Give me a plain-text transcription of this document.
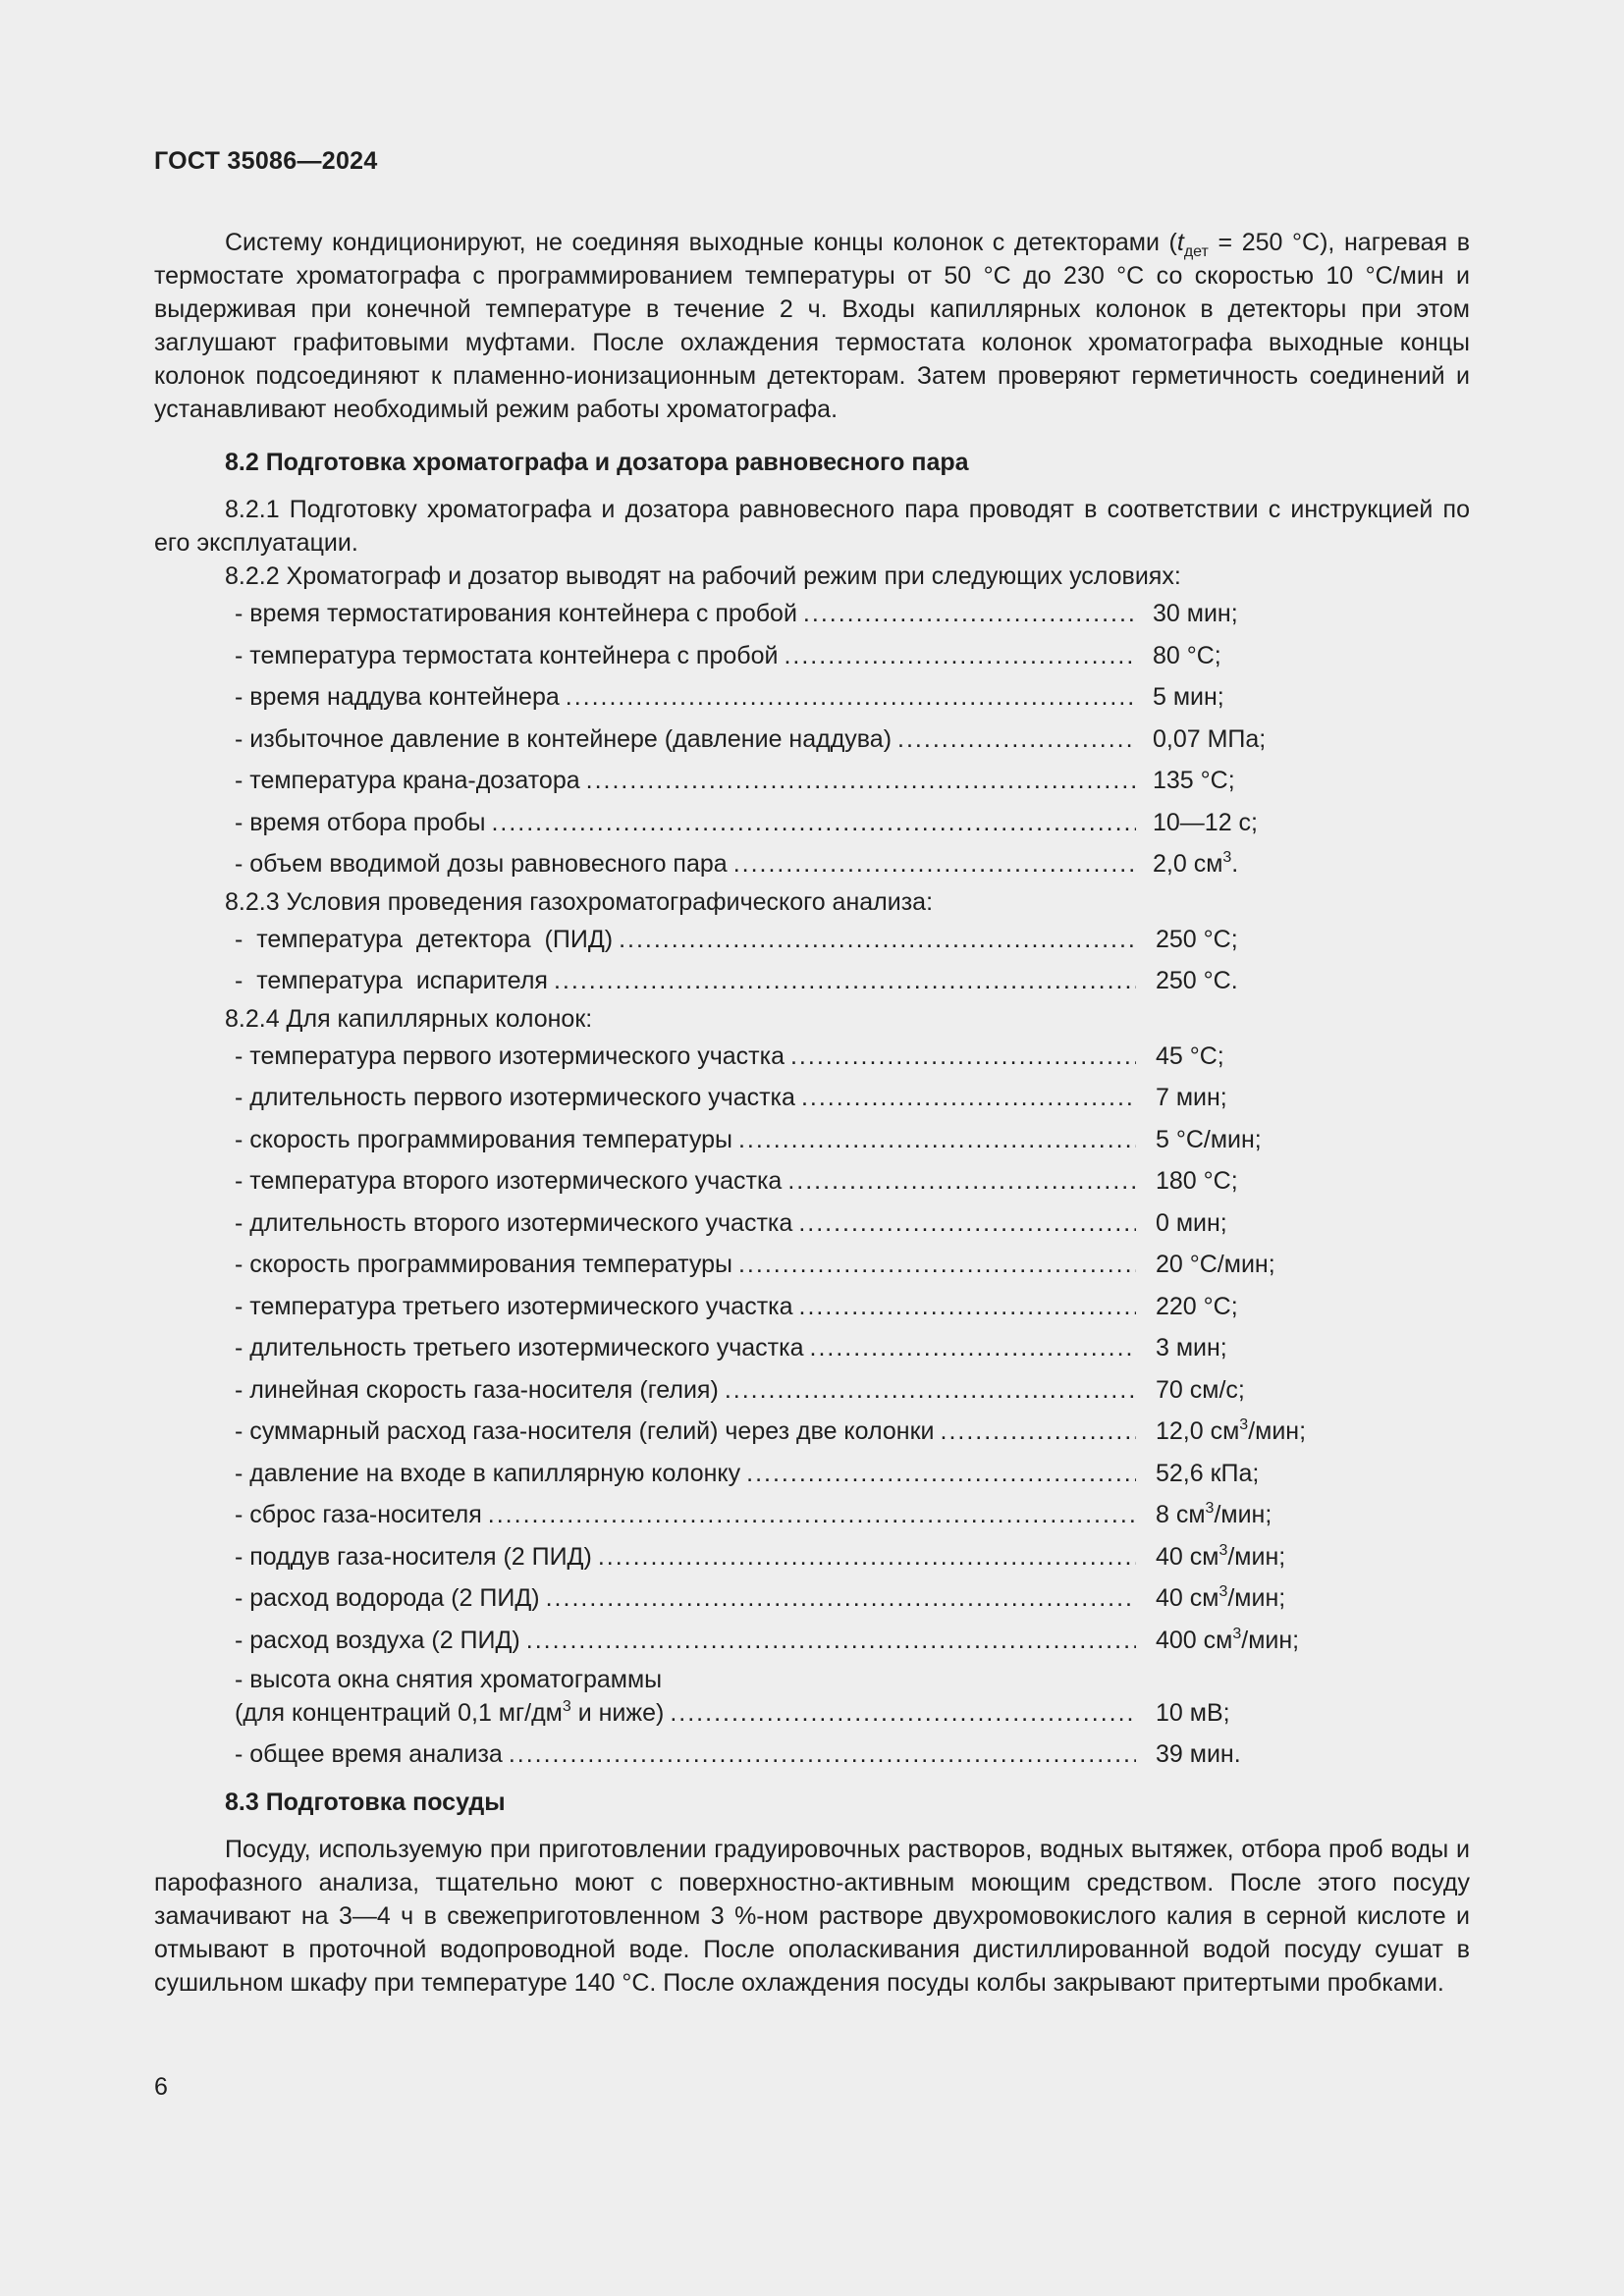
ГОСТ 35086—2024

Систему кондиционируют, не соединяя выходные концы колонок с детекторами ($t_{дет} = 250$ °С), нагревая в термостате хроматографа с программированием температуры от 50 °С до 230 °С со скоростью 10 °С/мин и выдерживая при конечной температуре в течение 2 ч. Входы капиллярных колонок в детекторы при этом заглушают графитовыми муфтами. После охлаждения термостата колонок хроматографа выходные концы колонок подсоединяют к пламенно-ионизационным детекторам. Затем проверяют герметичность соединений и устанавливают необходимый режим работы хроматографа.

8.2 Подготовка хроматографа и дозатора равновесного пара

8.2.1 Подготовку хроматографа и дозатора равновесного пара проводят в соответствии с инструкцией по его эксплуатации.

8.2.2 Хроматограф и дозатор выводят на рабочий режим при следующих условиях:
- время термостатирования контейнера с пробой .....	30 мин;
- температура термостата контейнера с пробой .....	80 °С;
- время наддува контейнера .....	5 мин;
- избыточное давление в контейнере (давление наддува) .....	0,07 МПа;
- температура крана-дозатора .....	135 °С;
- время отбора пробы .....	10—12 с;
- объем вводимой дозы равновесного пара .....	2,0 $см^3$.
8.2.3 Условия проведения газохроматографического анализа:
-  температура  детектора  (ПИД) .....	250 °С;
-  температура  испарителя .....	250 °С.
8.2.4 Для капиллярных колонок:
- температура первого изотермического участка .....	45 °С;
- длительность первого изотермического участка .....	7 мин;
- скорость программирования температуры .....	5 °С/мин;
- температура второго изотермического участка .....	180 °С;
- длительность второго изотермического участка .....	0 мин;
- скорость программирования температуры .....	20 °С/мин;
- температура третьего изотермического участка .....	220 °С;
- длительность третьего изотермического участка .....	3 мин;
- линейная скорость газа-носителя (гелия) .....	70 см/с;
- суммарный расход газа-носителя (гелий) через две колонки .....	12,0 $см^3$/мин;
- давление на входе в капиллярную колонку .....	52,6 кПа;
- сброс газа-носителя .....	8 $см^3$/мин;
- поддув газа-носителя (2 ПИД) .....	40 $см^3$/мин;
- расход водорода (2 ПИД) .....	40 $см^3$/мин;
- расход воздуха (2 ПИД) .....	400 $см^3$/мин;
- высота окна снятия хроматограммы
(для концентраций 0,1 $мг/дм^3$ и ниже) .....	10 мВ;
- общее время анализа .....	39 мин.
8.3 Подготовка посуды

Посуду, используемую при приготовлении градуировочных растворов, водных вытяжек, отбора проб воды и парофазного анализа, тщательно моют с поверхностно-активным моющим средством. После этого посуду замачивают на 3—4 ч в свежеприготовленном 3 %-ном растворе двухромовокислого калия в серной кислоте и отмывают в проточной водопроводной воде. После ополаскивания дистиллированной водой посуду сушат в сушильном шкафу при температуре 140 °С. После охлаждения посуды колбы закрывают притертыми пробками.

6
